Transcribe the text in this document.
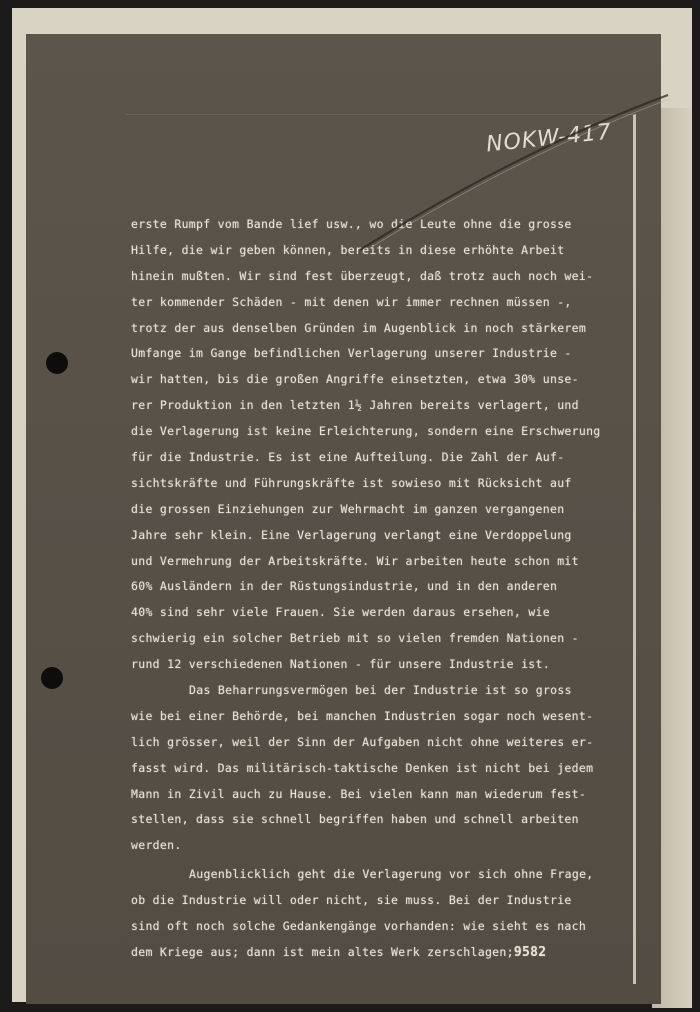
NOKW-417
erste Rumpf vom Bande lief usw., wo die Leute ohne die grosse
Hilfe, die wir geben können, bereits in diese erhöhte Arbeit
hinein mußten. Wir sind fest überzeugt, daß trotz auch noch wei-
ter kommender Schäden - mit denen wir immer rechnen müssen -,
trotz der aus denselben Gründen im Augenblick in noch stärkerem
Umfange im Gange befindlichen Verlagerung unserer Industrie -
wir hatten, bis die großen Angriffe einsetzten, etwa 30% unse-
rer Produktion in den letzten 1½ Jahren bereits verlagert, und
die Verlagerung ist keine Erleichterung, sondern eine Erschwerung
für die Industrie. Es ist eine Aufteilung. Die Zahl der Auf-
sichtskräfte und Führungskräfte ist sowieso mit Rücksicht auf
die grossen Einziehungen zur Wehrmacht im ganzen vergangenen
Jahre sehr klein. Eine Verlagerung verlangt eine Verdoppelung
und Vermehrung der Arbeitskräfte. Wir arbeiten heute schon mit
60% Ausländern in der Rüstungsindustrie, und in den anderen
40% sind sehr viele Frauen. Sie werden daraus ersehen, wie
schwierig ein solcher Betrieb mit so vielen fremden Nationen -
rund 12 verschiedenen Nationen - für unsere Industrie ist.
Das Beharrungsvermögen bei der Industrie ist so gross
wie bei einer Behörde, bei manchen Industrien sogar noch wesent-
lich grösser, weil der Sinn der Aufgaben nicht ohne weiteres er-
fasst wird. Das militärisch-taktische Denken ist nicht bei jedem
Mann in Zivil auch zu Hause. Bei vielen kann man wiederum fest-
stellen, dass sie schnell begriffen haben und schnell arbeiten
werden.
Augenblicklich geht die Verlagerung vor sich ohne Frage,
ob die Industrie will oder nicht, sie muss. Bei der Industrie
sind oft noch solche Gedankengänge vorhanden: wie sieht es nach
dem Kriege aus; dann ist mein altes Werk zerschlagen;9582
